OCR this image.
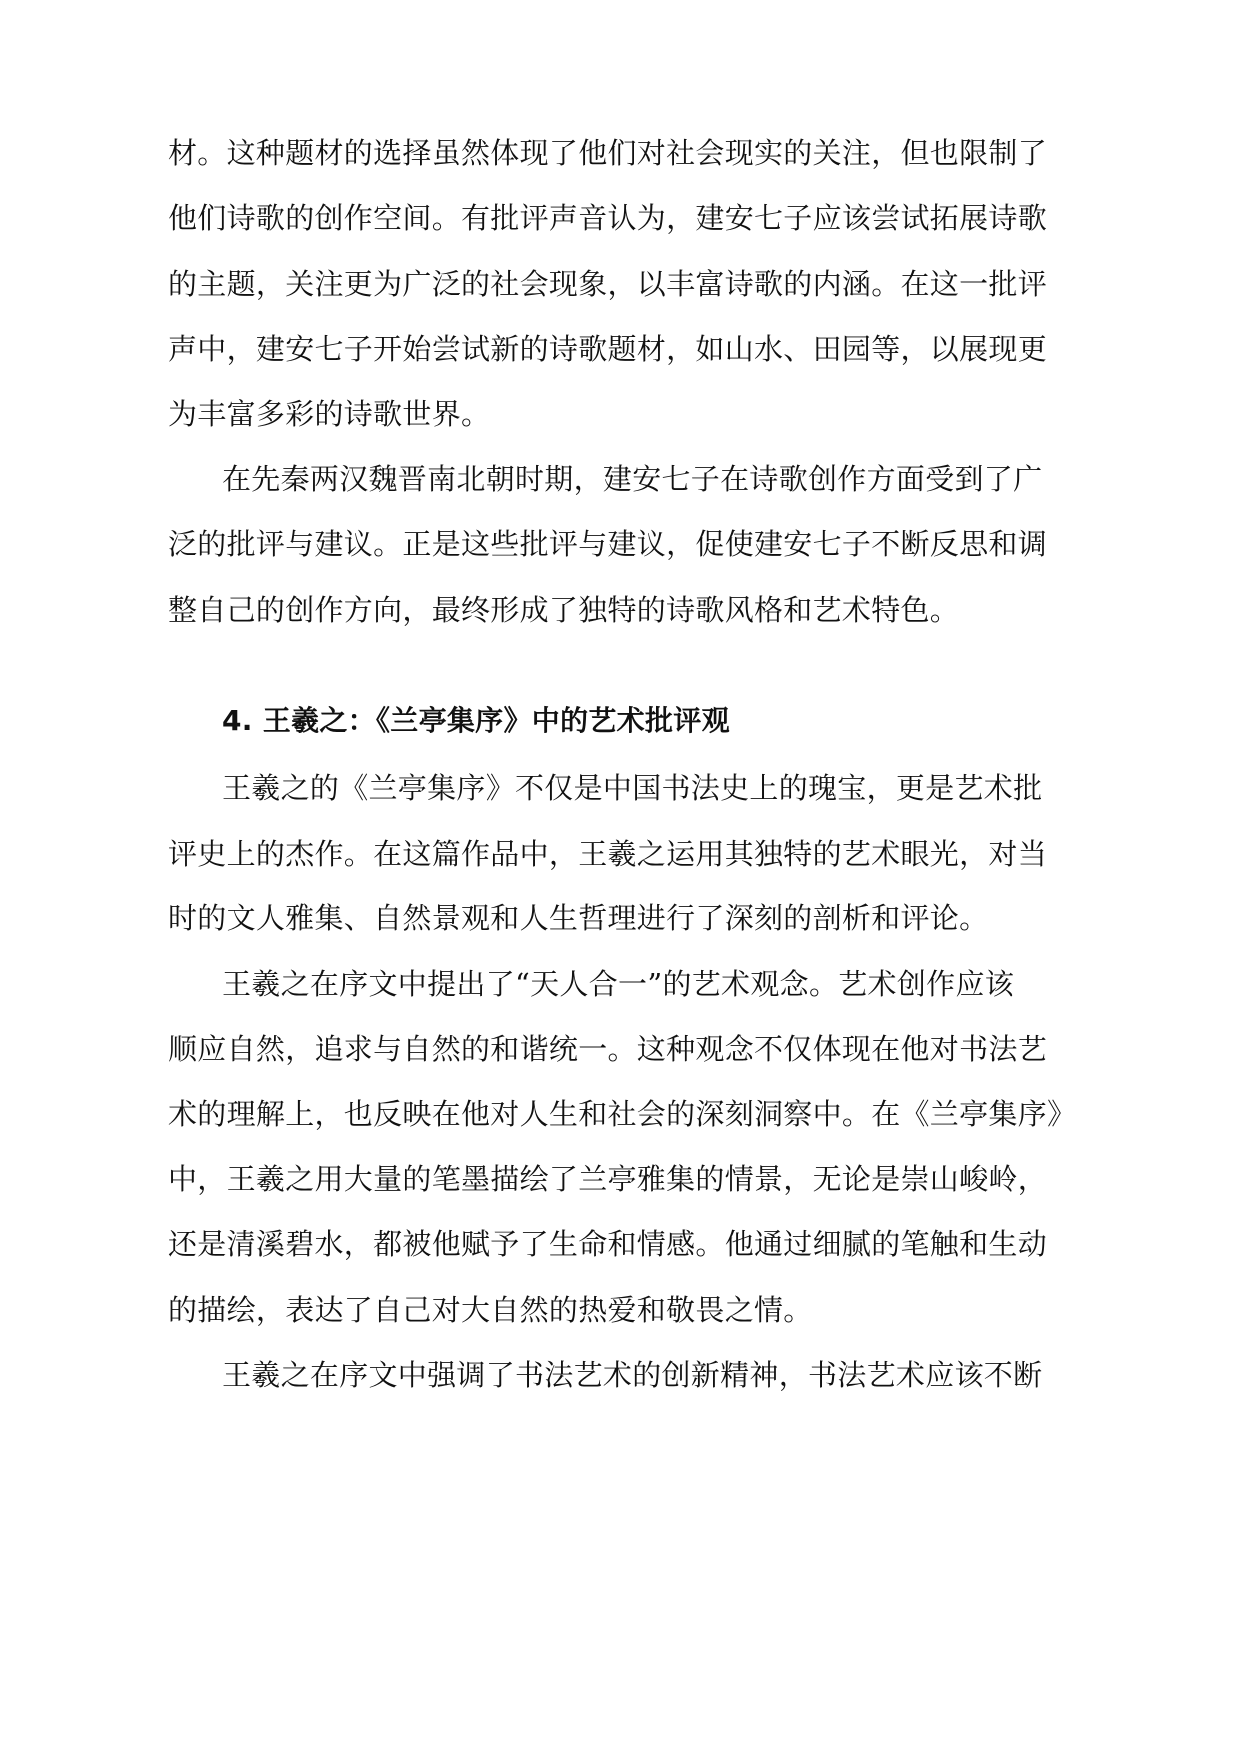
材。这种题材的选择虽然体现了他们对社会现实的关注，但也限制了
他们诗歌的创作空间。有批评声音认为，建安七子应该尝试拓展诗歌
的主题，关注更为广泛的社会现象，以丰富诗歌的内涵。在这一批评
声中，建安七子开始尝试新的诗歌题材，如山水、田园等，以展现更
为丰富多彩的诗歌世界。
在先秦两汉魏晋南北朝时期，建安七子在诗歌创作方面受到了广
泛的批评与建议。正是这些批评与建议，促使建安七子不断反思和调
整自己的创作方向，最终形成了独特的诗歌风格和艺术特色。
4. 王羲之：《兰亭集序》中的艺术批评观
王羲之的《兰亭集序》不仅是中国书法史上的瑰宝，更是艺术批
评史上的杰作。在这篇作品中，王羲之运用其独特的艺术眼光，对当
时的文人雅集、自然景观和人生哲理进行了深刻的剖析和评论。
王羲之在序文中提出了“天人合一”的艺术观念。艺术创作应该
顺应自然，追求与自然的和谐统一。这种观念不仅体现在他对书法艺
术的理解上，也反映在他对人生和社会的深刻洞察中。在《兰亭集序》
中，王羲之用大量的笔墨描绘了兰亭雅集的情景，无论是崇山峻岭，
还是清溪碧水，都被他赋予了生命和情感。他通过细腻的笔触和生动
的描绘，表达了自己对大自然的热爱和敬畏之情。
王羲之在序文中强调了书法艺术的创新精神，书法艺术应该不断
